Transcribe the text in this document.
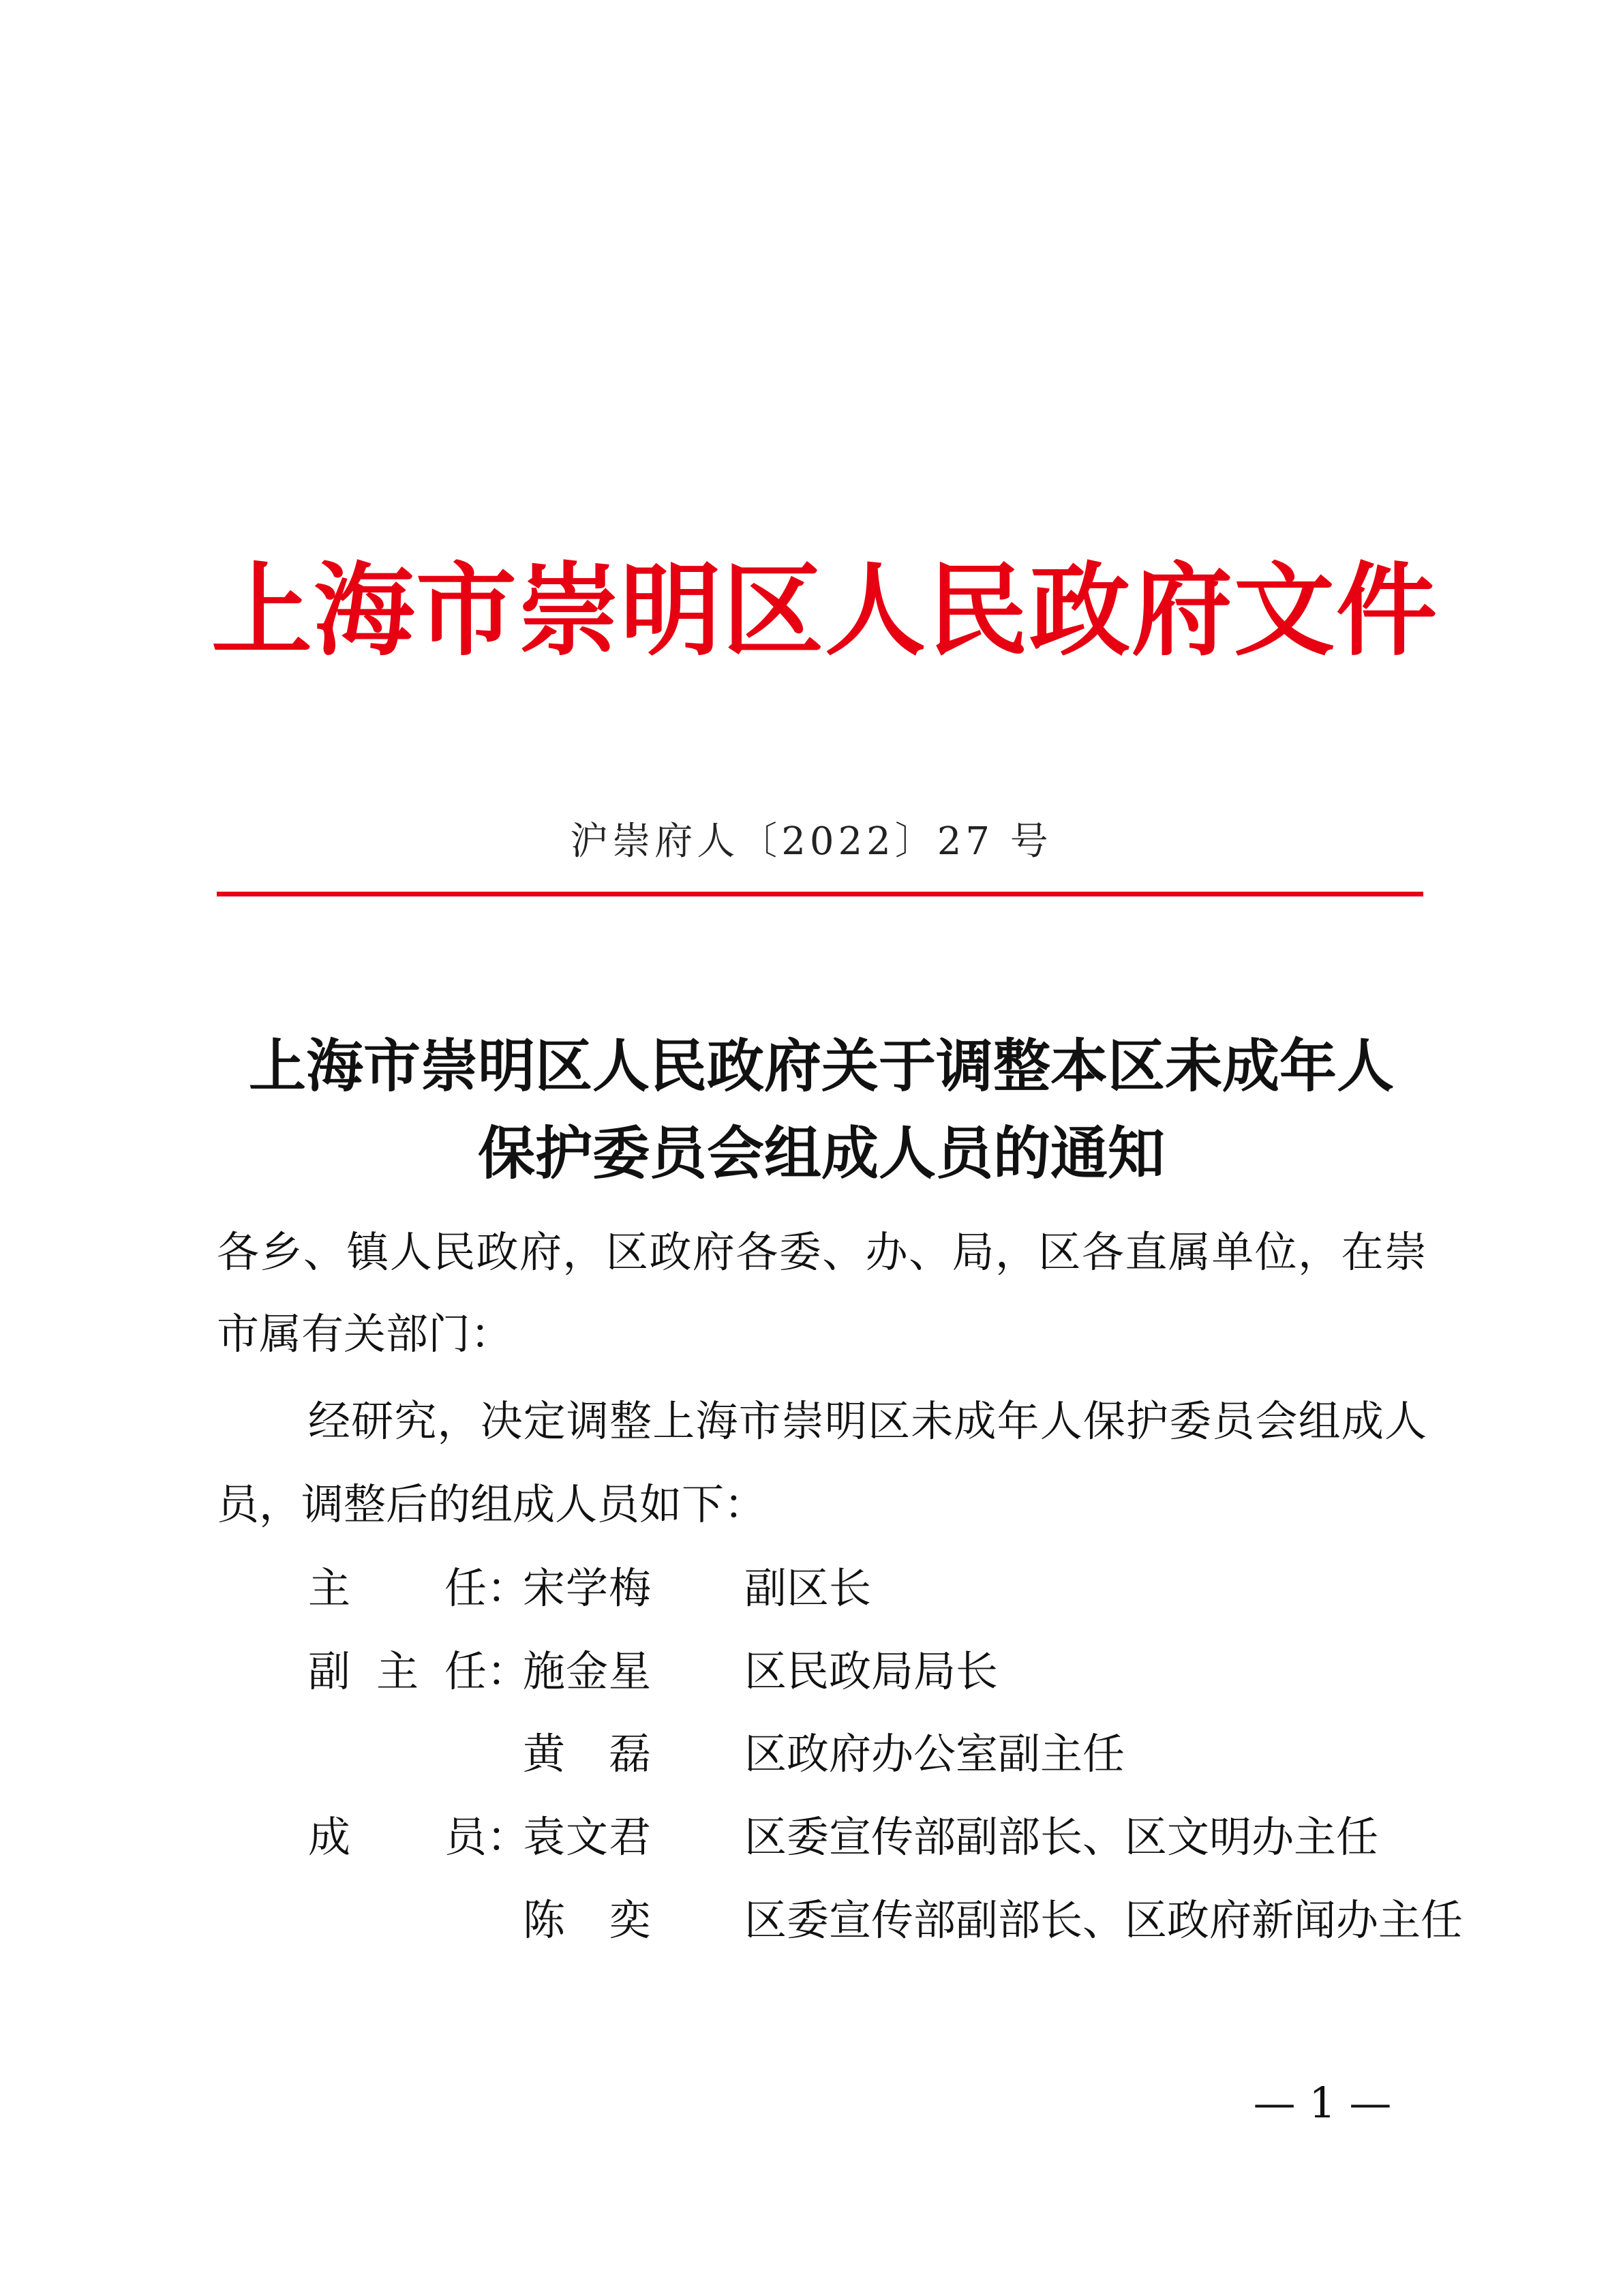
上海市崇明区人民政府文件
沪崇府人〔2022〕27 号
上海市崇明区人民政府关于调整本区未成年人
保护委员会组成人员的通知
各乡、镇人民政府，区政府各委、办、局，区各直属单位，在崇
市属有关部门：
经研究，决定调整上海市崇明区未成年人保护委员会组成人
员，调整后的组成人员如下：
主任 ：
宋学梅 副区长
副主任 ：
施金星 区民政局局长
黄磊 区政府办公室副主任
成员 ：
袁文君 区委宣传部副部长、区文明办主任
陈奕 区委宣传部副部长、区政府新闻办主任
— 1 —
